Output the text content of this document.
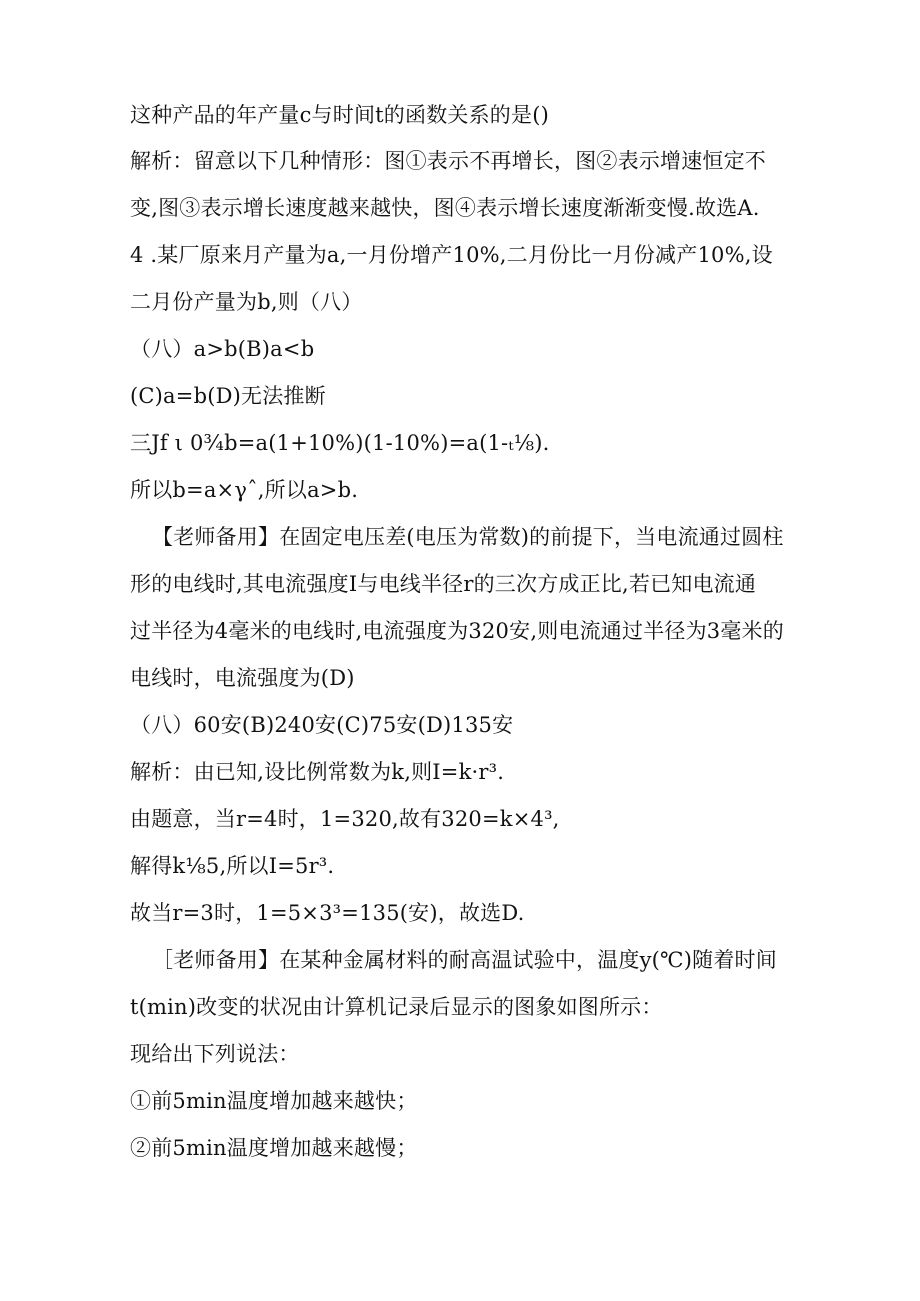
这种产品的年产量c与时间t的函数关系的是()
解析：留意以下几种情形：图①表示不再增长，图②表示增速恒定不
变,图③表示增长速度越来越快，图④表示增长速度渐渐变慢.故选A.
4 .某厂原来月产量为a,一月份增产10%,二月份比一月份减产10%,设
二月份产量为b,则（八）
（八）a>b(B)a<b
(C)a=b(D)无法推断
三Jf ι 0¾b=a(1+10%)(1-10%)=a(1-ₜ⅛).
所以b=a×γˆ,所以a>b.
【老师备用】在固定电压差(电压为常数)的前提下，当电流通过圆柱
形的电线时,其电流强度I与电线半径r的三次方成正比,若已知电流通
过半径为4毫米的电线时,电流强度为320安,则电流通过半径为3毫米的
电线时，电流强度为(D)
（八）60安(B)240安(C)75安(D)135安
解析：由已知,设比例常数为k,则I=k·r³.
由题意，当r=4时，1=320,故有320=k×4³,
解得k⅛5,所以I=5r³.
故当r=3时，1=5×3³=135(安)，故选D.
［老师备用】在某种金属材料的耐高温试验中，温度y(℃)随着时间
t(min)改变的状况由计算机记录后显示的图象如图所示：
现给出下列说法：
①前5min温度增加越来越快；
②前5min温度增加越来越慢；
